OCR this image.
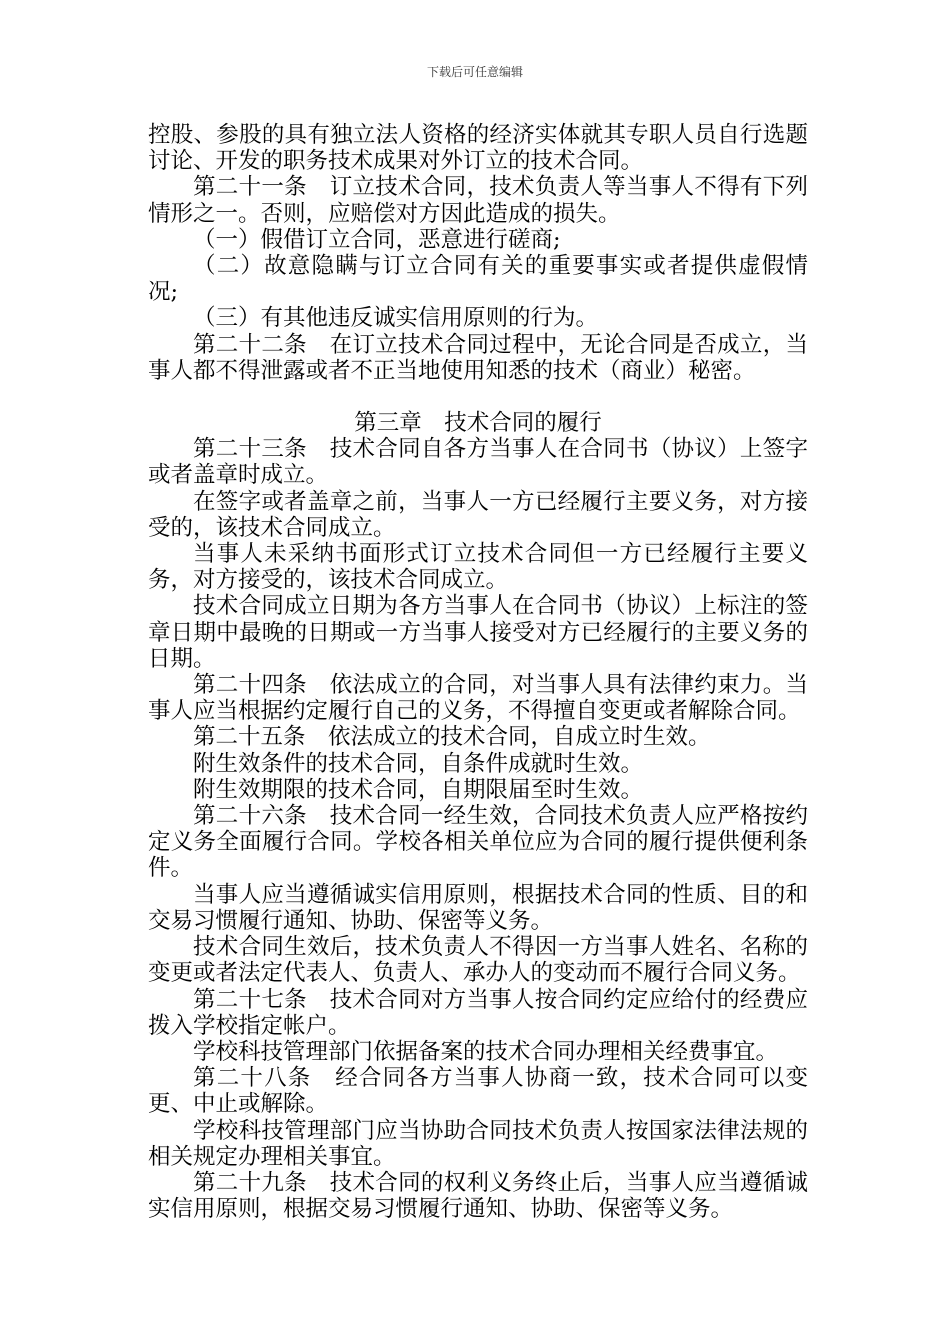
下载后可任意编辑

控股、参股的具有独立法人资格的经济实体就其专职人员自行选题讨论、开发的职务技术成果对外订立的技术合同。

第二十一条　订立技术合同，技术负责人等当事人不得有下列情形之一。否则，应赔偿对方因此造成的损失。

（一）假借订立合同，恶意进行磋商;

（二）故意隐瞒与订立合同有关的重要事实或者提供虚假情况;

（三）有其他违反诚实信用原则的行为。

第二十二条　在订立技术合同过程中，无论合同是否成立，当事人都不得泄露或者不正当地使用知悉的技术（商业）秘密。

第三章　技术合同的履行

第二十三条　技术合同自各方当事人在合同书（协议）上签字或者盖章时成立。

在签字或者盖章之前，当事人一方已经履行主要义务，对方接受的，该技术合同成立。

当事人未采纳书面形式订立技术合同但一方已经履行主要义务，对方接受的，该技术合同成立。

技术合同成立日期为各方当事人在合同书（协议）上标注的签章日期中最晚的日期或一方当事人接受对方已经履行的主要义务的日期。

第二十四条　依法成立的合同，对当事人具有法律约束力。当事人应当根据约定履行自己的义务，不得擅自变更或者解除合同。

第二十五条　依法成立的技术合同，自成立时生效。

附生效条件的技术合同，自条件成就时生效。

附生效期限的技术合同，自期限届至时生效。

第二十六条　技术合同一经生效，合同技术负责人应严格按约定义务全面履行合同。学校各相关单位应为合同的履行提供便利条件。

当事人应当遵循诚实信用原则，根据技术合同的性质、目的和交易习惯履行通知、协助、保密等义务。

技术合同生效后，技术负责人不得因一方当事人姓名、名称的变更或者法定代表人、负责人、承办人的变动而不履行合同义务。

第二十七条　技术合同对方当事人按合同约定应给付的经费应拨入学校指定帐户。

学校科技管理部门依据备案的技术合同办理相关经费事宜。

第二十八条　经合同各方当事人协商一致，技术合同可以变更、中止或解除。

学校科技管理部门应当协助合同技术负责人按国家法律法规的相关规定办理相关事宜。

第二十九条　技术合同的权利义务终止后，当事人应当遵循诚实信用原则，根据交易习惯履行通知、协助、保密等义务。
